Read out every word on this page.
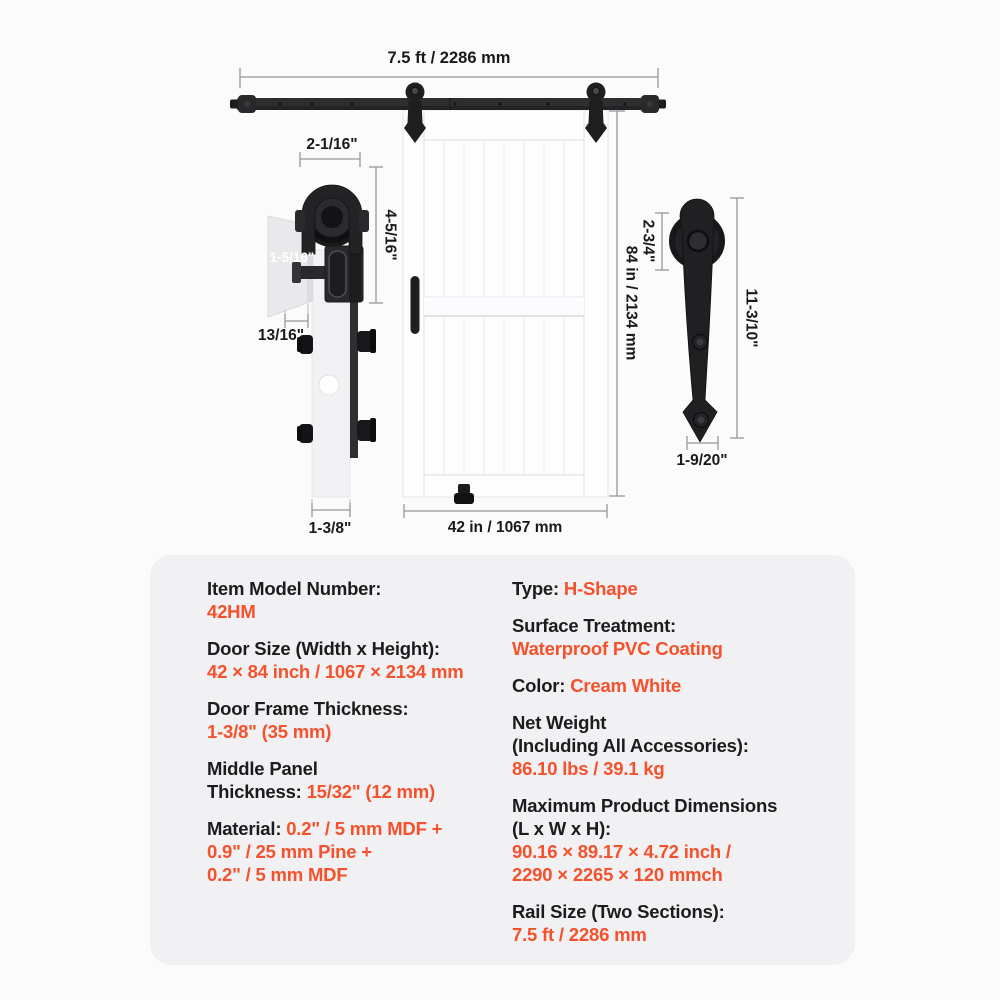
7.5 ft / 2286 mm
2-1/16"
4-5/16"
1-5/16"
13/16"
1-3/8"	42 in / 1067 mm
84 in / 2134 mm
2-3/4"
11-3/10"
1-9/20"
Item Model Number:
42HM
Door Size (Width x Height):
42 × 84 inch / 1067 × 2134 mm
Door Frame Thickness:
1-3/8" (35 mm)
Middle Panel
Thickness: 15/32" (12 mm)
Material: 0.2" / 5 mm MDF +
0.9" / 25 mm Pine +
0.2" / 5 mm MDF
Type: H-Shape
Surface Treatment:
Waterproof PVC Coating
Color: Cream White
Net Weight
(Including All Accessories):
86.10 lbs / 39.1 kg
Maximum Product Dimensions
(L x W x H):
90.16 × 89.17 × 4.72 inch /
2290 × 2265 × 120 mmch
Rail Size (Two Sections):
7.5 ft / 2286 mm
